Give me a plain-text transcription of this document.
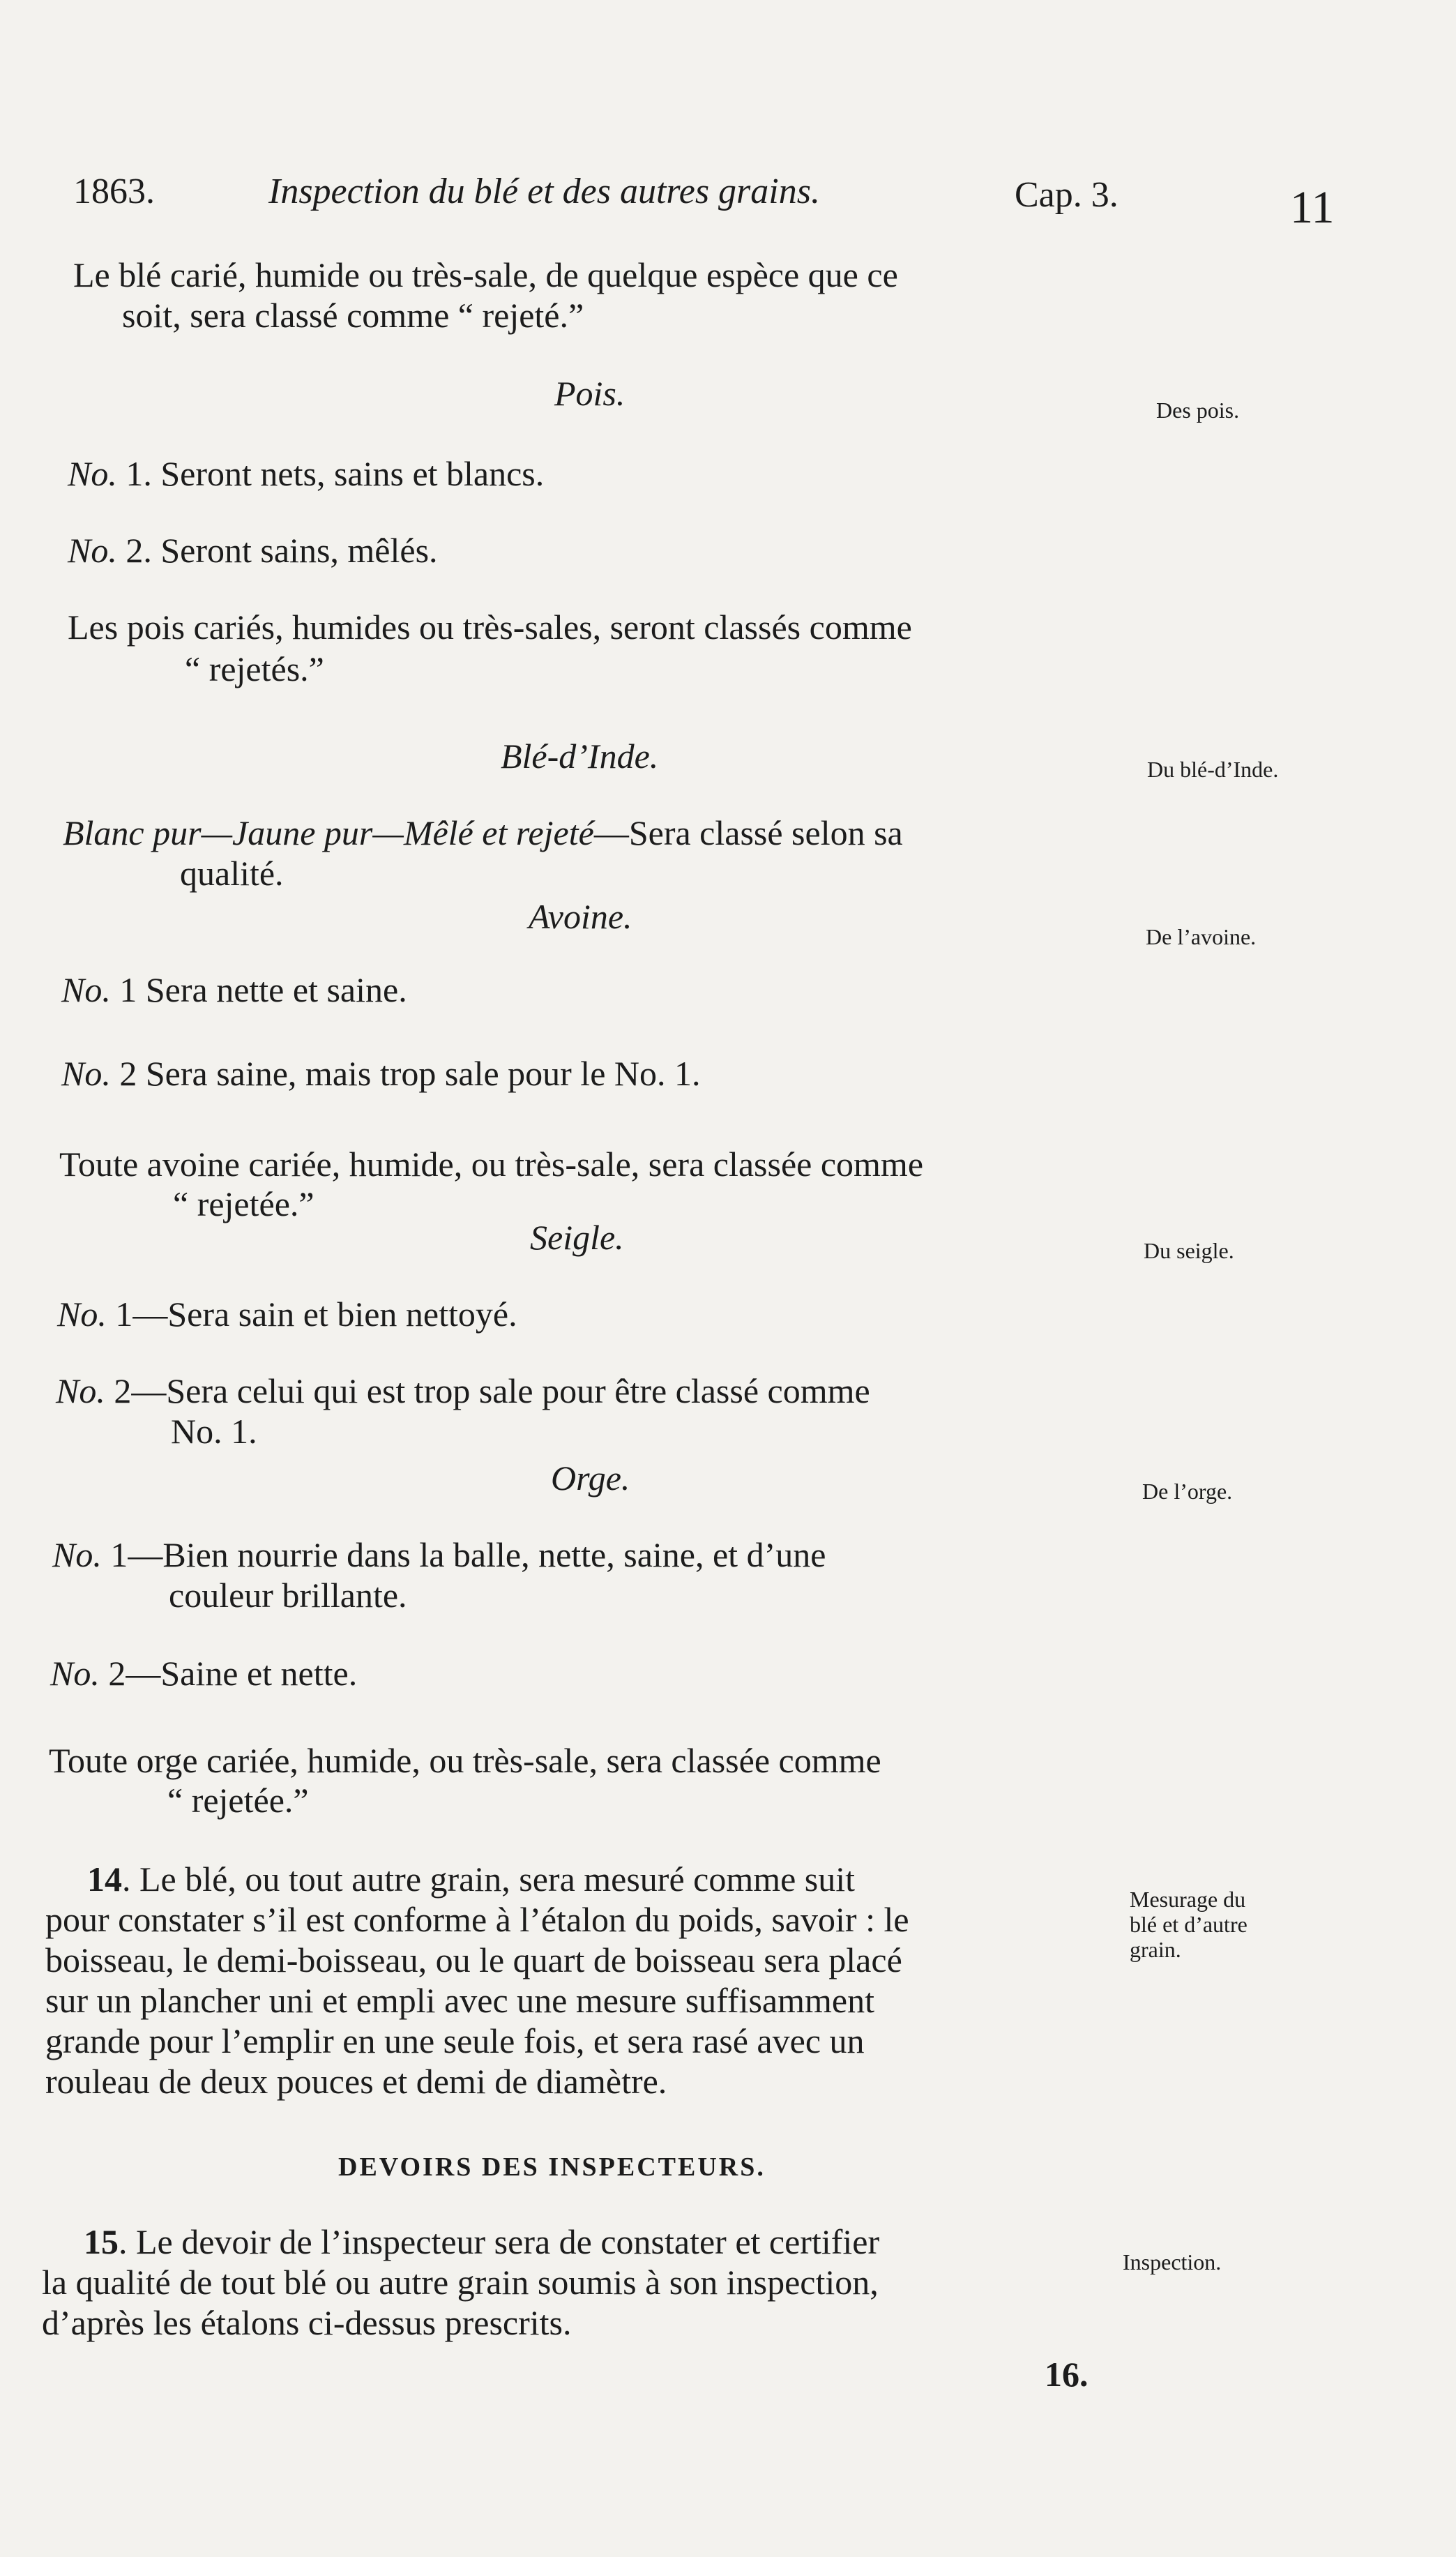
1863.	Inspection du blé et des autres grains.	Cap. 3.	11
Le blé carié, humide ou très-sale, de quelque espèce que ce
soit, sera classé comme “ rejeté.”
Pois.	Des pois.
No. 1. Seront nets, sains et blancs.
No. 2. Seront sains, mêlés.
Les pois cariés, humides ou très-sales, seront classés comme
“ rejetés.”
Blé-d’Inde.	Du blé-d’Inde.
Blanc pur—Jaune pur—Mêlé et rejeté—Sera classé selon sa
qualité.
Avoine.
De l’avoine.
No. 1 Sera nette et saine.
No. 2 Sera saine, mais trop sale pour le No. 1.
Toute avoine cariée, humide, ou très-sale, sera classée comme
“ rejetée.”
Seigle.	Du seigle.
No. 1—Sera sain et bien nettoyé.
No. 2—Sera celui qui est trop sale pour être classé comme
No. 1.
Orge.	De l’orge.
No. 1—Bien nourrie dans la balle, nette, saine, et d’une
couleur brillante.
No. 2—Saine et nette.
Toute orge cariée, humide, ou très-sale, sera classée comme
“ rejetée.”
14. Le blé, ou tout autre grain, sera mesuré comme suit
pour constater s’il est conforme à l’étalon du poids, savoir : le
boisseau, le demi-boisseau, ou le quart de boisseau sera placé
sur un plancher uni et empli avec une mesure suffisamment
grande pour l’emplir en une seule fois, et sera rasé avec un
rouleau de deux pouces et demi de diamètre.
Mesurage du
blé et d’autre
grain.
DEVOIRS DES INSPECTEURS.
15. Le devoir de l’inspecteur sera de constater et certifier
la qualité de tout blé ou autre grain soumis à son inspection,
d’après les étalons ci-dessus prescrits.
Inspection.
16.
